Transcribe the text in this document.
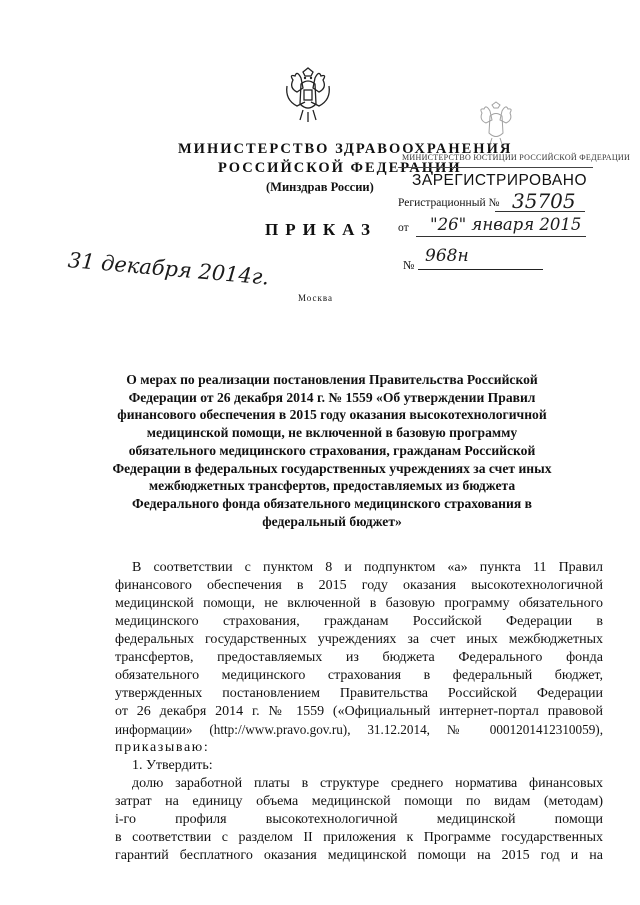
МИНИСТЕРСТВО ЗДРАВООХРАНЕНИЯ
РОССИЙСКОЙ ФЕДЕРАЦИИ
(Минздрав России)
ПРИКАЗ
31 декабря 2014г.	№ 968н
Москва
МИНИСТЕРСТВО ЮСТИЦИИ РОССИЙСКОЙ ФЕДЕРАЦИИ
ЗАРЕГИСТРИРОВАНО
Регистрационный № 35705
от "26" января 2015
О мерах по реализации постановления Правительства Российской Федерации от 26 декабря 2014 г. № 1559 «Об утверждении Правил финансового обеспечения в 2015 году оказания высокотехнологичной медицинской помощи, не включенной в базовую программу обязательного медицинского страхования, гражданам Российской Федерации в федеральных государственных учреждениях за счет иных межбюджетных трансфертов, предоставляемых из бюджета Федерального фонда обязательного медицинского страхования в федеральный бюджет»
В соответствии с пунктом 8 и подпунктом «а» пункта 11 Правил
финансового обеспечения в 2015 году оказания высокотехнологичной
медицинской помощи, не включенной в базовую программу обязательного
медицинского страхования, гражданам Российской Федерации в
федеральных государственных учреждениях за счет иных межбюджетных
трансфертов, предоставляемых из бюджета Федерального фонда
обязательного медицинского страхования в федеральный бюджет,
утвержденных постановлением Правительства Российской Федерации
от 26 декабря 2014 г. № 1559 («Официальный интернет-портал правовой
информации» (http://www.pravo.gov.ru), 31.12.2014, № 0001201412310059),
приказываю:
1. Утвердить:
долю заработной платы в структуре среднего норматива финансовых
затрат на единицу объема медицинской помощи по видам (методам)
i-го профиля высокотехнологичной медицинской помощи
в соответствии с разделом II приложения к Программе государственных
гарантий бесплатного оказания медицинской помощи на 2015 год и на
